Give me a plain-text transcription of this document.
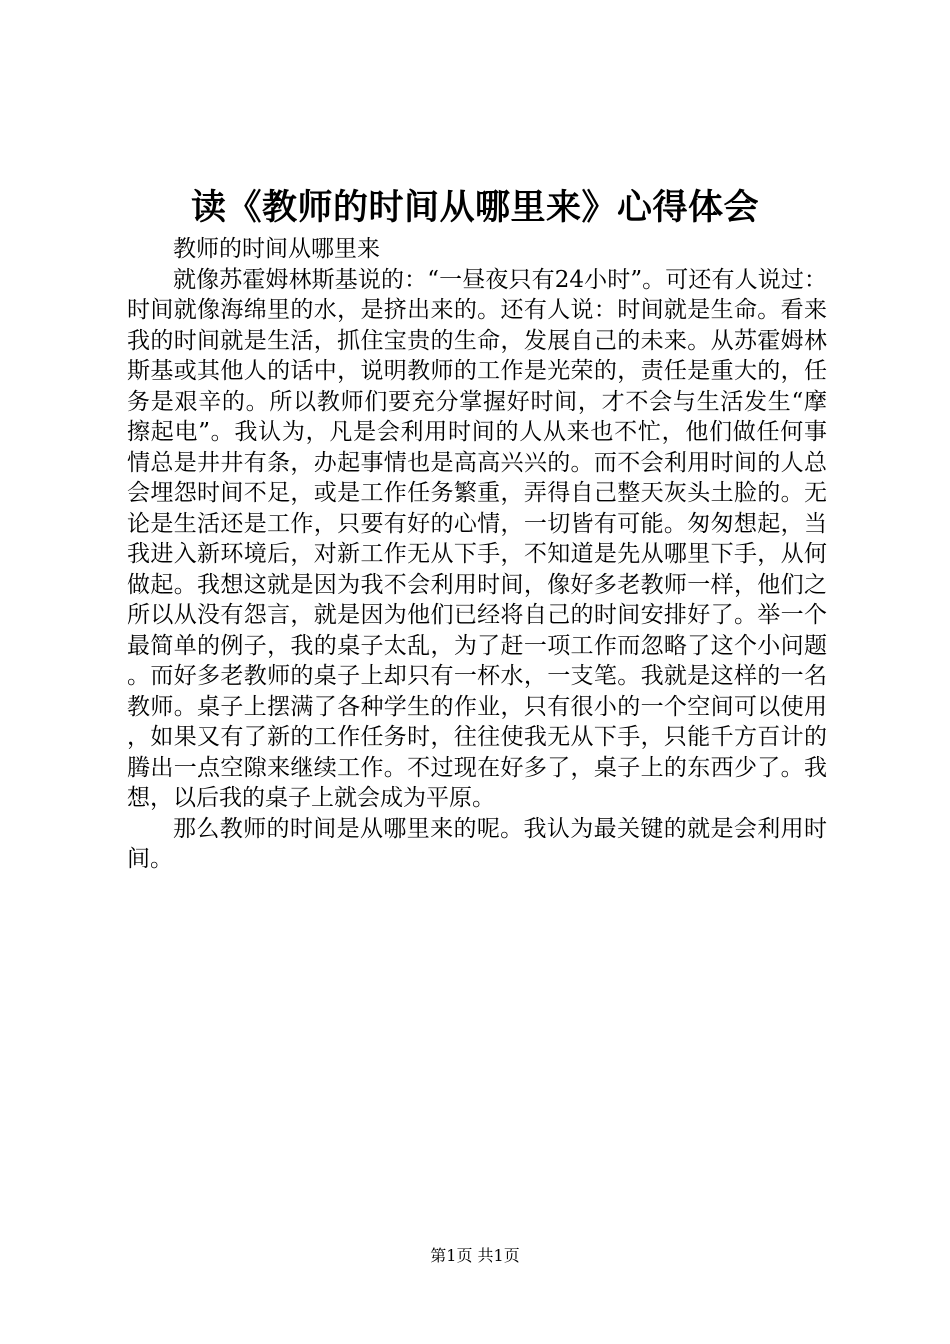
读《教师的时间从哪里来》心得体会

教师的时间从哪里来

就像苏霍姆林斯基说的：“一昼夜只有24小时”。可还有人说过：时间就像海绵里的水，是挤出来的。还有人说：时间就是生命。看来我的时间就是生活，抓住宝贵的生命，发展自己的未来。从苏霍姆林斯基或其他人的话中，说明教师的工作是光荣的，责任是重大的，任务是艰辛的。所以教师们要充分掌握好时间，才不会与生活发生“摩擦起电”。我认为，凡是会利用时间的人从来也不忙，他们做任何事情总是井井有条，办起事情也是高高兴兴的。而不会利用时间的人总会埋怨时间不足，或是工作任务繁重，弄得自己整天灰头土脸的。无论是生活还是工作，只要有好的心情，一切皆有可能。匆匆想起，当我进入新环境后，对新工作无从下手，不知道是先从哪里下手，从何做起。我想这就是因为我不会利用时间，像好多老教师一样，他们之所以从没有怨言，就是因为他们已经将自己的时间安排好了。举一个最简单的例子，我的桌子太乱，为了赶一项工作而忽略了这个小问题。而好多老教师的桌子上却只有一杯水，一支笔。我就是这样的一名教师。桌子上摆满了各种学生的作业，只有很小的一个空间可以使用，如果又有了新的工作任务时，往往使我无从下手，只能千方百计的腾出一点空隙来继续工作。不过现在好多了，桌子上的东西少了。我想，以后我的桌子上就会成为平原。

那么教师的时间是从哪里来的呢。我认为最关键的就是会利用时间。

第1页 共1页
